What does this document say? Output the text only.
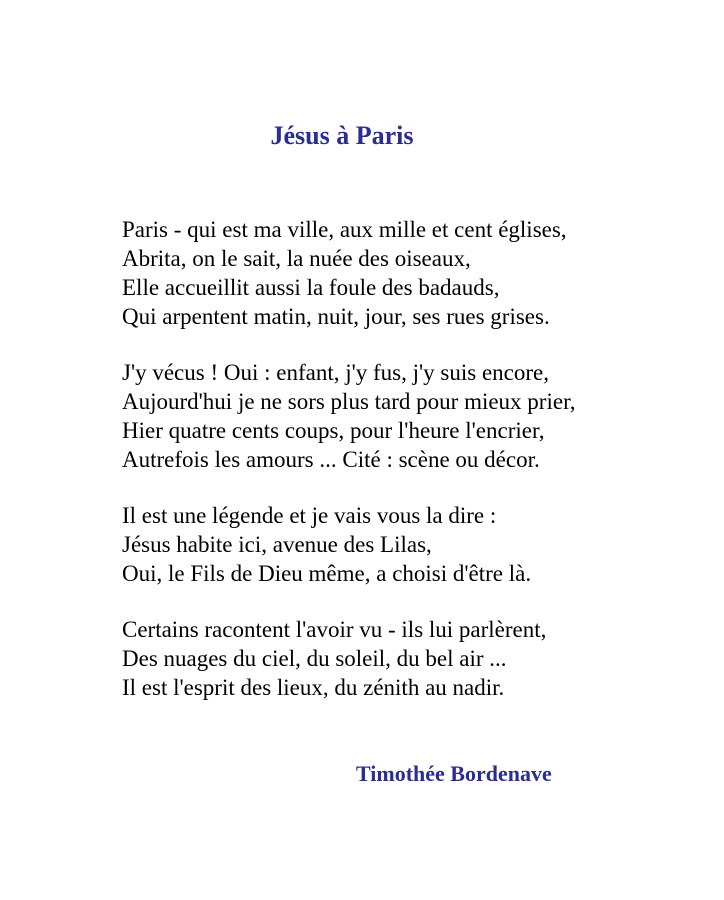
Jésus à Paris
Paris - qui est ma ville, aux mille et cent églises,
Abrita, on le sait, la nuée des oiseaux,
Elle accueillit aussi la foule des badauds,
Qui arpentent matin, nuit, jour, ses rues grises.
J'y vécus ! Oui : enfant, j'y fus, j'y suis encore,
Aujourd'hui je ne sors plus tard pour mieux prier,
Hier quatre cents coups, pour l'heure l'encrier,
Autrefois les amours ... Cité : scène ou décor.
Il est une légende et je vais vous la dire :
Jésus habite ici, avenue des Lilas,
Oui, le Fils de Dieu même, a choisi d'être là.
Certains racontent l'avoir vu - ils lui parlèrent,
Des nuages du ciel, du soleil, du bel air ...
Il est l'esprit des lieux, du zénith au nadir.
Timothée Bordenave
